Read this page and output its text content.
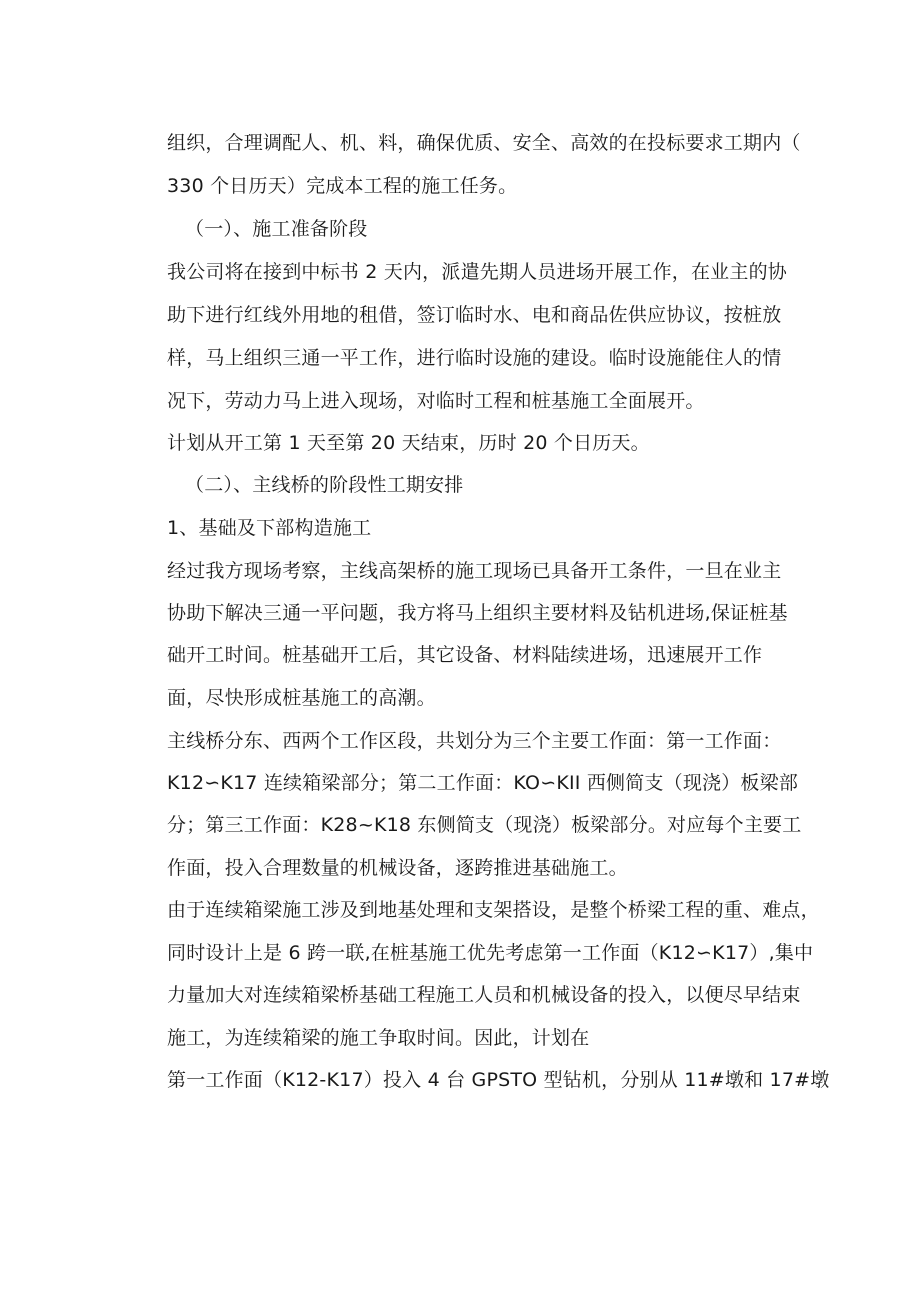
组织，合理调配人、机、料，确保优质、安全、高效的在投标要求工期内（
330 个日历天）完成本工程的施工任务。
（一）、施工准备阶段
我公司将在接到中标书 2 天内，派遣先期人员进场开展工作，在业主的协
助下进行红线外用地的租借，签订临时水、电和商品佐供应协议，按桩放
样，马上组织三通一平工作，进行临时设施的建设。临时设施能住人的情
况下，劳动力马上进入现场，对临时工程和桩基施工全面展开。
计划从开工第 1 天至第 20 天结束，历时 20 个日历天。
（二）、主线桥的阶段性工期安排
1、基础及下部构造施工
经过我方现场考察，主线高架桥的施工现场已具备开工条件，一旦在业主
协助下解决三通一平问题，我方将马上组织主要材料及钻机进场,保证桩基
础开工时间。桩基础开工后，其它设备、材料陆续进场，迅速展开工作
面，尽快形成桩基施工的高潮。
主线桥分东、西两个工作区段，共划分为三个主要工作面：第一工作面：
K12∽K17 连续箱梁部分；第二工作面：KO∽KII 西侧简支（现浇）板梁部
分；第三工作面：K28~K18 东侧简支（现浇）板梁部分。对应每个主要工
作面，投入合理数量的机械设备，逐跨推进基础施工。
由于连续箱梁施工涉及到地基处理和支架搭设，是整个桥梁工程的重、难点，
同时设计上是 6 跨一联,在桩基施工优先考虑第一工作面（K12∽K17）,集中
力量加大对连续箱梁桥基础工程施工人员和机械设备的投入，以便尽早结束
施工，为连续箱梁的施工争取时间。因此，计划在
第一工作面（K12-K17）投入 4 台 GPSTO 型钻机，分别从 11#墩和 17#墩
